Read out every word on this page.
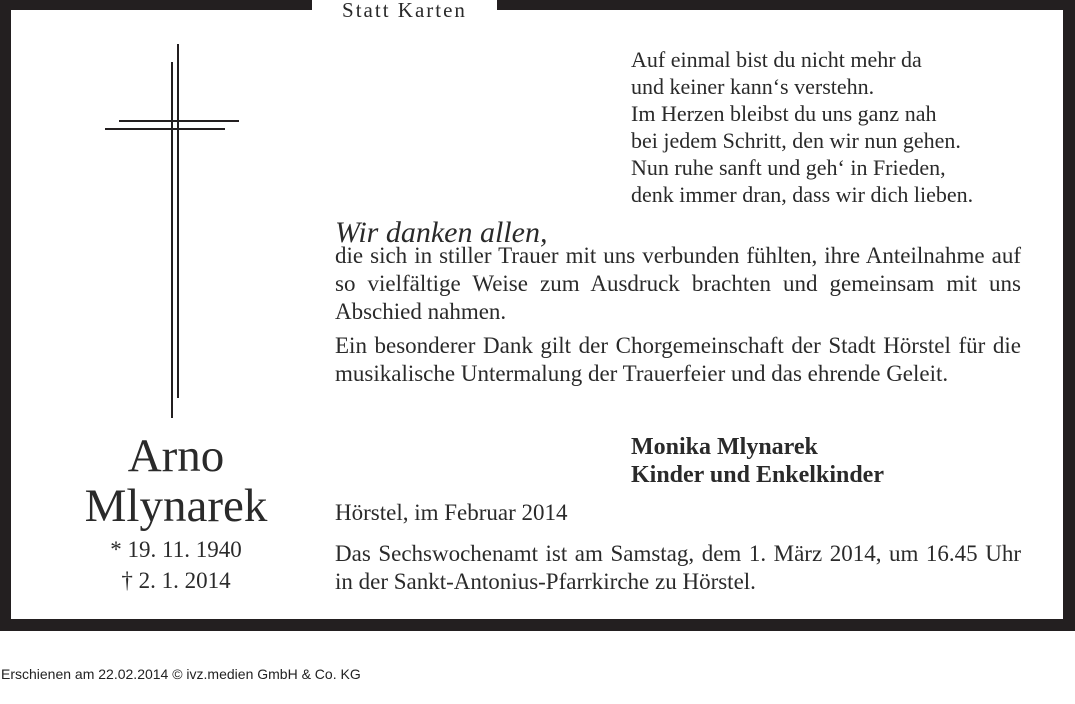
Arno
Mlynarek
* 19. 11. 1940
† 2. 1. 2014
Auf einmal bist du nicht mehr da
und keiner kann‘s verstehn.
Im Herzen bleibst du uns ganz nah
bei jedem Schritt, den wir nun gehen.
Nun ruhe sanft und geh‘ in Frieden,
denk immer dran, dass wir dich lieben.
Wir danken allen,
die sich in stiller Trauer mit uns verbunden fühlten, ihre Anteilnahme auf so vielfältige Weise zum Ausdruck brachten und gemeinsam mit uns Abschied nahmen.
Ein besonderer Dank gilt der Chorgemeinschaft der Stadt Hörstel für die musikalische Untermalung der Trauerfeier und das ehrende Geleit.
Monika Mlynarek
Kinder und Enkelkinder
Hörstel, im Februar 2014
Das Sechswochenamt ist am Samstag, dem 1. März 2014, um 16.45 Uhr in der Sankt-Antonius-Pfarrkirche zu Hörstel.
Statt Karten
Erschienen am 22.02.2014 © ivz.medien GmbH & Co. KG
